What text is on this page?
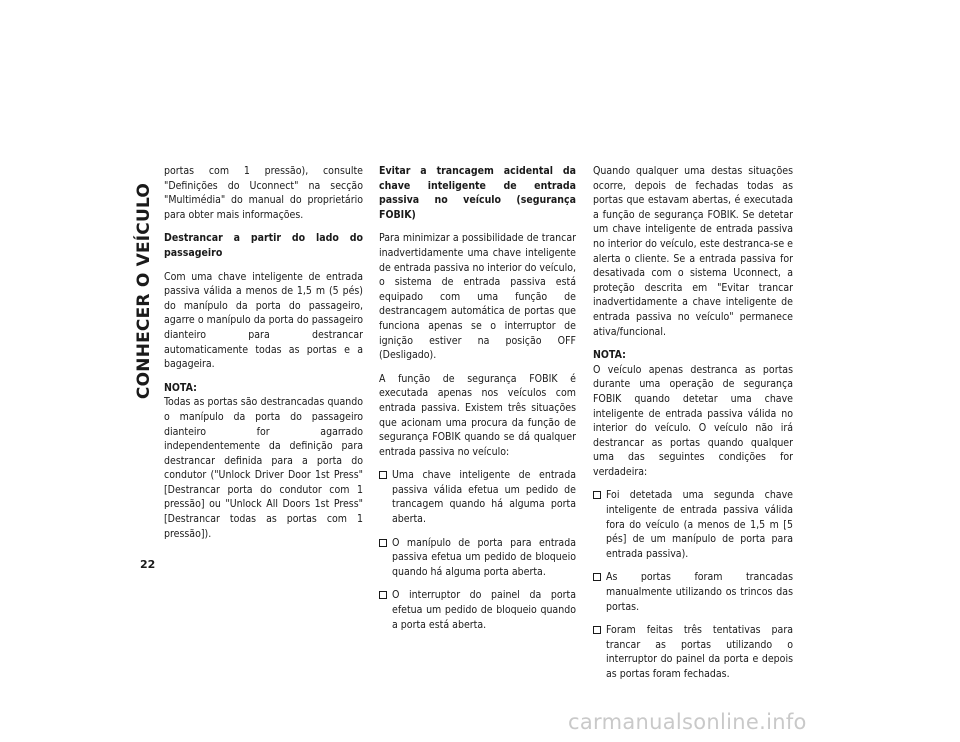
CONHECER O VEÍCULO

portas com 1 pressão), consulte "Definições do Uconnect" na secção "Multimédia" do manual do proprietário para obter mais informações.

Destrancar a partir do lado do passageiro

Com uma chave inteligente de entrada passiva válida a menos de 1,5 m (5 pés) do manípulo da porta do passageiro, agarre o manípulo da porta do passageiro dianteiro para destrancar automaticamente todas as portas e a bagageira.

NOTA:
Todas as portas são destrancadas quando o manípulo da porta do passageiro dianteiro for agarrado independentemente da definição para destrancar definida para a porta do condutor ("Unlock Driver Door 1st Press" [Destrancar porta do condutor com 1 pressão] ou "Unlock All Doors 1st Press" [Destrancar todas as portas com 1 pressão]).

Evitar a trancagem acidental da chave inteligente de entrada passiva no veículo (segurança FOBIK)

Para minimizar a possibilidade de trancar inadvertidamente uma chave inteligente de entrada passiva no interior do veículo, o sistema de entrada passiva está equipado com uma função de destrancagem automática de portas que funciona apenas se o interruptor de ignição estiver na posição OFF (Desligado).

A função de segurança FOBIK é executada apenas nos veículos com entrada passiva. Existem três situações que acionam uma procura da função de segurança FOBIK quando se dá qualquer entrada passiva no veículo:

Uma chave inteligente de entrada passiva válida efetua um pedido de trancagem quando há alguma porta aberta.
O manípulo de porta para entrada passiva efetua um pedido de bloqueio quando há alguma porta aberta.
O interruptor do painel da porta efetua um pedido de bloqueio quando a porta está aberta.

Quando qualquer uma destas situações ocorre, depois de fechadas todas as portas que estavam abertas, é executada a função de segurança FOBIK. Se detetar um chave inteligente de entrada passiva no interior do veículo, este destranca-se e alerta o cliente. Se a entrada passiva for desativada com o sistema Uconnect, a proteção descrita em "Evitar trancar inadvertidamente a chave inteligente de entrada passiva no veículo" permanece ativa/funcional.

NOTA:
O veículo apenas destranca as portas durante uma operação de segurança FOBIK quando detetar uma chave inteligente de entrada passiva válida no interior do veículo. O veículo não irá destrancar as portas quando qualquer uma das seguintes condições for verdadeira:

Foi detetada uma segunda chave inteligente de entrada passiva válida fora do veículo (a menos de 1,5 m [5 pés] de um manípulo de porta para entrada passiva).
As portas foram trancadas manualmente utilizando os trincos das portas.
Foram feitas três tentativas para trancar as portas utilizando o interruptor do painel da porta e depois as portas foram fechadas.
22
carmanualsonline.info
